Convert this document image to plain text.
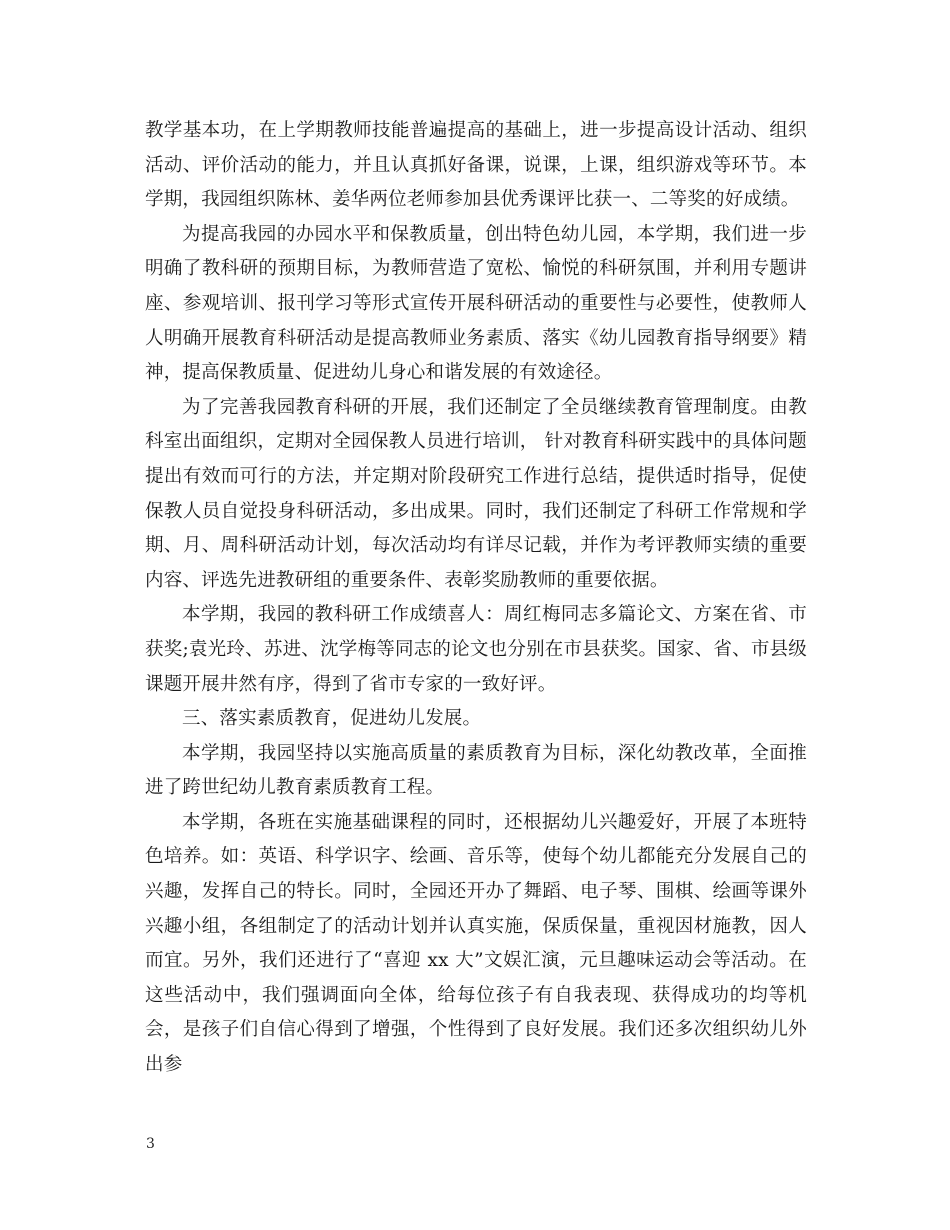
教学基本功，在上学期教师技能普遍提高的基础上，进一步提高设计活动、组织活动、评价活动的能力，并且认真抓好备课，说课，上课，组织游戏等环节。本学期，我园组织陈林、姜华两位老师参加县优秀课评比获一、二等奖的好成绩。

为提高我园的办园水平和保教质量，创出特色幼儿园，本学期，我们进一步明确了教科研的预期目标，为教师营造了宽松、愉悦的科研氛围，并利用专题讲座、参观培训、报刊学习等形式宣传开展科研活动的重要性与必要性，使教师人人明确开展教育科研活动是提高教师业务素质、落实《幼儿园教育指导纲要》精神，提高保教质量、促进幼儿身心和谐发展的有效途径。

为了完善我园教育科研的开展，我们还制定了全员继续教育管理制度。由教科室出面组织，定期对全园保教人员进行培训， 针对教育科研实践中的具体问题提出有效而可行的方法，并定期对阶段研究工作进行总结，提供适时指导，促使保教人员自觉投身科研活动，多出成果。同时，我们还制定了科研工作常规和学期、月、周科研活动计划，每次活动均有详尽记载，并作为考评教师实绩的重要内容、评选先进教研组的重要条件、表彰奖励教师的重要依据。

本学期，我园的教科研工作成绩喜人：周红梅同志多篇论文、方案在省、市获奖;袁光玲、苏进、沈学梅等同志的论文也分别在市县获奖。国家、省、市县级课题开展井然有序，得到了省市专家的一致好评。

三、落实素质教育，促进幼儿发展。

本学期，我园坚持以实施高质量的素质教育为目标，深化幼教改革，全面推进了跨世纪幼儿教育素质教育工程。

本学期，各班在实施基础课程的同时，还根据幼儿兴趣爱好，开展了本班特色培养。如：英语、科学识字、绘画、音乐等，使每个幼儿都能充分发展自己的兴趣，发挥自己的特长。同时，全园还开办了舞蹈、电子琴、围棋、绘画等课外兴趣小组，各组制定了的活动计划并认真实施，保质保量，重视因材施教，因人而宜。另外，我们还进行了“喜迎 xx 大”文娱汇演，元旦趣味运动会等活动。在这些活动中，我们强调面向全体，给每位孩子有自我表现、获得成功的均等机会，是孩子们自信心得到了增强，个性得到了良好发展。我们还多次组织幼儿外出参

3
